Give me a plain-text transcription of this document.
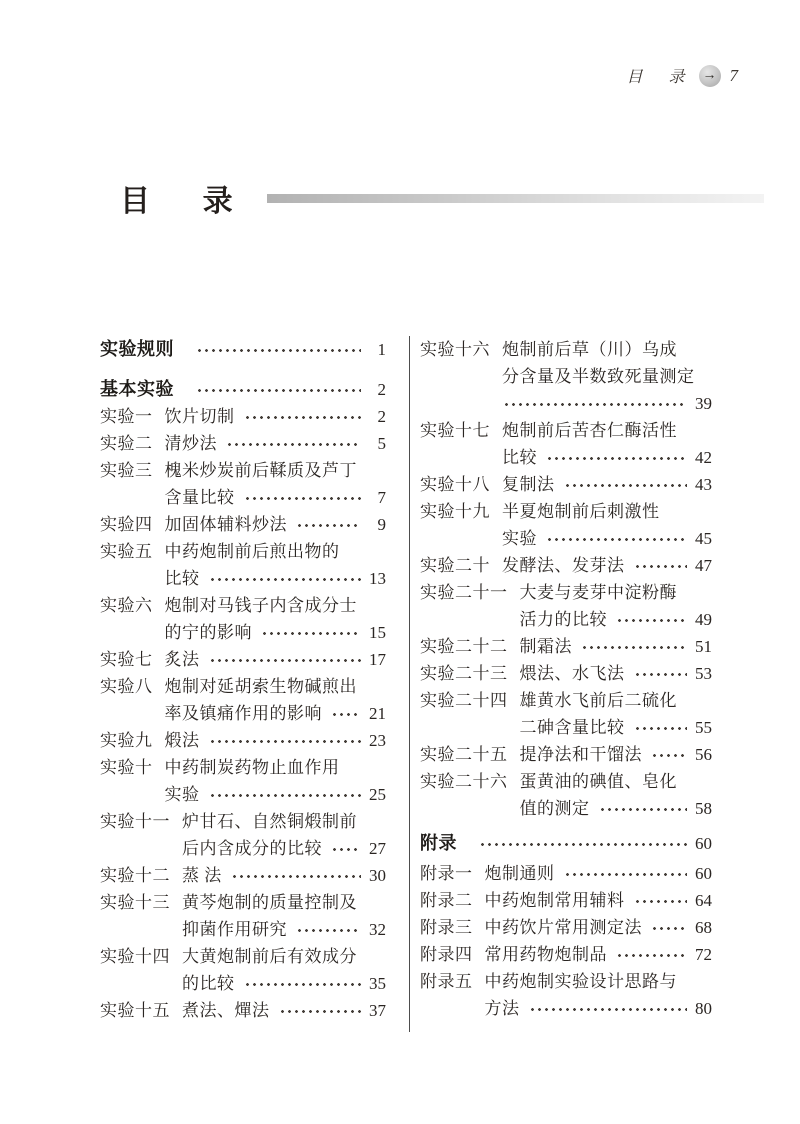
目  录 → 7
目  录
实验规则	1
基本实验	2
实验一 饮片切制	2
实验二 清炒法	5
实验三 槐米炒炭前后鞣质及芦丁
含量比较	7
实验四 加固体辅料炒法	9
实验五 中药炮制前后煎出物的
比较	13
实验六 炮制对马钱子内含成分士
的宁的影响	15
实验七 炙法	17
实验八 炮制对延胡索生物碱煎出
率及镇痛作用的影响	21
实验九 煅法	23
实验十 中药制炭药物止血作用
实验	25
实验十一 炉甘石、自然铜煅制前
后内含成分的比较	27
实验十二 蒸 法	30
实验十三 黄芩炮制的质量控制及
抑菌作用研究	32
实验十四 大黄炮制前后有效成分
的比较	35
实验十五 煮法、燀法	37
实验十六 炮制前后草（川）乌成
分含量及半数致死量测定
39
实验十七 炮制前后苦杏仁酶活性
比较	42
实验十八 复制法	43
实验十九 半夏炮制前后刺激性
实验	45
实验二十 发酵法、发芽法	47
实验二十一 大麦与麦芽中淀粉酶
活力的比较	49
实验二十二 制霜法	51
实验二十三 煨法、水飞法	53
实验二十四 雄黄水飞前后二硫化
二砷含量比较	55
实验二十五 提净法和干馏法	56
实验二十六 蛋黄油的碘值、皂化
值的测定	58
附录	60
附录一 炮制通则	60
附录二 中药炮制常用辅料	64
附录三 中药饮片常用测定法	68
附录四 常用药物炮制品	72
附录五 中药炮制实验设计思路与
方法	80
